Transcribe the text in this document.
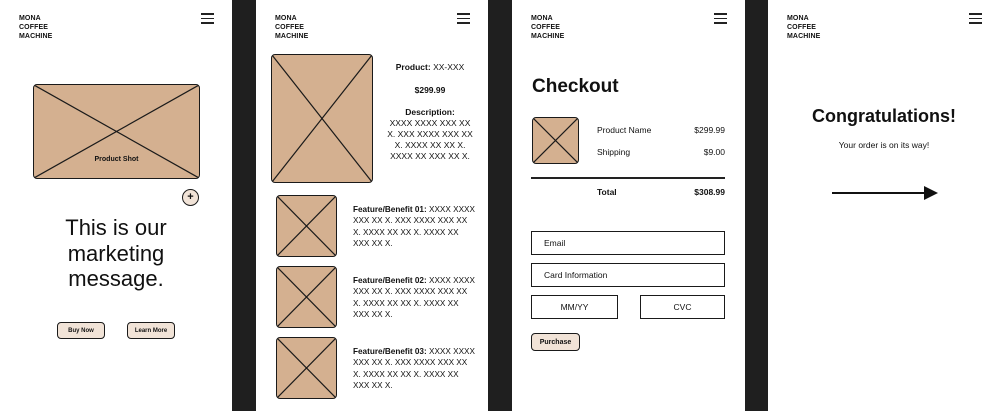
MONA
COFFEE
MACHINE
Product Shot
+
This is our
marketing
message.
Buy Now	Learn More
MONA
COFFEE
MACHINE
Product: XX-XXX
$299.99
Description:
XXXX XXXX XXX XX
X. XXX XXXX XXX XX
X. XXXX XX XX X.
XXXX XX XXX XX X.
Feature/Benefit 01: XXXX XXXX XXX XX X. XXX XXXX XXX XX X. XXXX XX XX X. XXXX XX XXX XX X.
Feature/Benefit 02: XXXX XXXX XXX XX X. XXX XXXX XXX XX X. XXXX XX XX X. XXXX XX XXX XX X.
Feature/Benefit 03: XXXX XXXX XXX XX X. XXX XXXX XXX XX X. XXXX XX XX X. XXXX XX XXX XX X.
MONA
COFFEE
MACHINE
Checkout
Product Name	$299.99
Shipping	$9.00
Total	$308.99
Email
Card Information
MM/YY	CVC
Purchase
MONA
COFFEE
MACHINE
Congratulations!
Your order is on its way!
